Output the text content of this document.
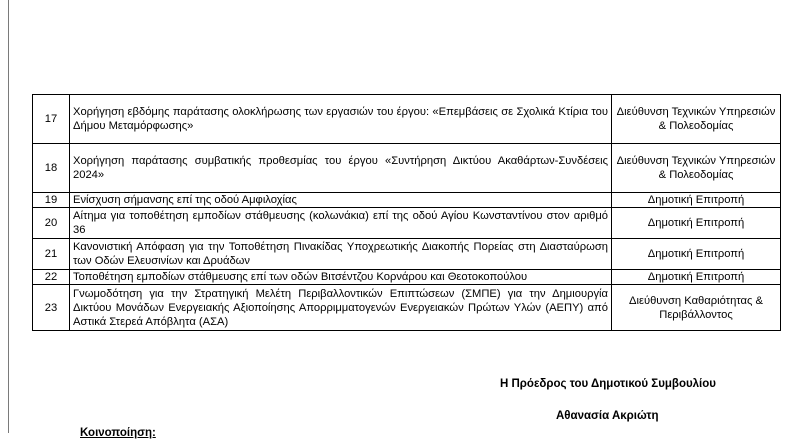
17	Χορήγηση εβδόμης παράτασης ολοκλήρωσης των εργασιών του έργου: «Επεμβάσεις σε Σχολικά Κτίρια του Δήμου Μεταμόρφωσης»	Διεύθυνση Τεχνικών Υπηρεσιών & Πολεοδομίας
18	Χορήγηση παράτασης συμβατικής προθεσμίας του έργου «Συντήρηση Δικτύου Ακαθάρτων-Συνδέσεις 2024»	Διεύθυνση Τεχνικών Υπηρεσιών & Πολεοδομίας
19	Ενίσχυση σήμανσης επί της οδού Αμφιλοχίας	Δημοτική Επιτροπή
20	Αίτημα για τοποθέτηση εμποδίων στάθμευσης (κολωνάκια) επί της οδού Αγίου Κωνσταντίνου στον αριθμό 36	Δημοτική Επιτροπή
21	Κανονιστική Απόφαση για την Τοποθέτηση Πινακίδας Υποχρεωτικής Διακοπής Πορείας στη Διασταύρωση των Οδών Ελευσινίων και Δρυάδων	Δημοτική Επιτροπή
22	Τοποθέτηση εμποδίων στάθμευσης επί των οδών Βιτσέντζου Κορνάρου και Θεοτοκοπούλου	Δημοτική Επιτροπή
23	Γνωμοδότηση για την Στρατηγική Μελέτη Περιβαλλοντικών Επιπτώσεων (ΣΜΠΕ) για την Δημιουργία Δικτύου Μονάδων Ενεργειακής Αξιοποίησης Απορριμματογενών Ενεργειακών Πρώτων Υλών (ΑΕΠΥ) από Αστικά Στερεά Απόβλητα (ΑΣΑ)	Διεύθυνση Καθαριότητας & Περιβάλλοντος
Η Πρόεδρος του Δημοτικού Συμβουλίου
Αθανασία Ακριώτη
Κοινοποίηση:
